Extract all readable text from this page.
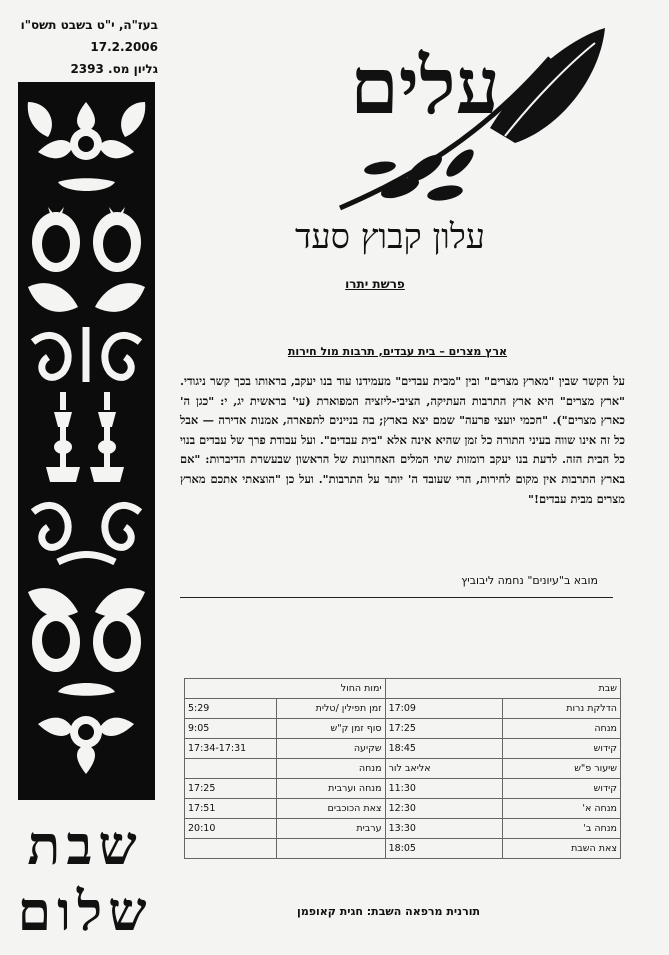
בעז"ה, י"ט בשבט תשס"ו
17.2.2006
גליון מס. 2393
שבת
שלום
עלים
עלון קבוץ סעד
פרשת יתרו
ארץ מצרים – בית עבדים, תרבות מול חירות
על הקשר שבין "מארץ מצרים" ובין "מבית עבדים" מעמידנו עוד בנו יעקב, בראותו בכך קשר ניגודי. "ארץ מצרים" היא ארץ התרבות העתיקה, הציבי-ליזציה המפוארת (עי' בראשית יג, י: "כגן ה' כארץ מצרים"). "חכמי יועצי פרעה" שמם יצא בארץ; בה בניינים לתפארה, אמנות אדירה — אבל כל זה אינו שווה בעיני התורה כל זמן שהיא אינה אלא "בית עבדים". ועל עבודת פרך של עבדים בנוי כל הבית הזה. לדעת בנו יעקב רומזות שתי המלים האחרונות של הראשון שבעשרת הדיברות: "אם בארץ התרבות אין מקום לחירות, הרי שעובד ה' יותר על התרבות". ועל כן "הוצאתי אתכם מארץ מצרים מבית עבדים!"
מובא ב"עיונים" נחמה ליבוביץ
שבת		ימות החול	
הדלקת נרות	17:09	זמן תפילין /טלית	5:29
מנחה	17:25	סוף זמן ק"ש	9:05
קידוש	18:45	שקיעה	17:34-17:31
שיעור פ"ש	אליאב לור	מנחה	
קידוש	11:30	מנחה וערבית	17:25
מנחה א'	12:30	צאת הכוכבים	17:51
מנחה ב'	13:30	ערבית	20:10
צאת השבת	18:05		
תורנית מרפאה השבת: חגית קאופמן
